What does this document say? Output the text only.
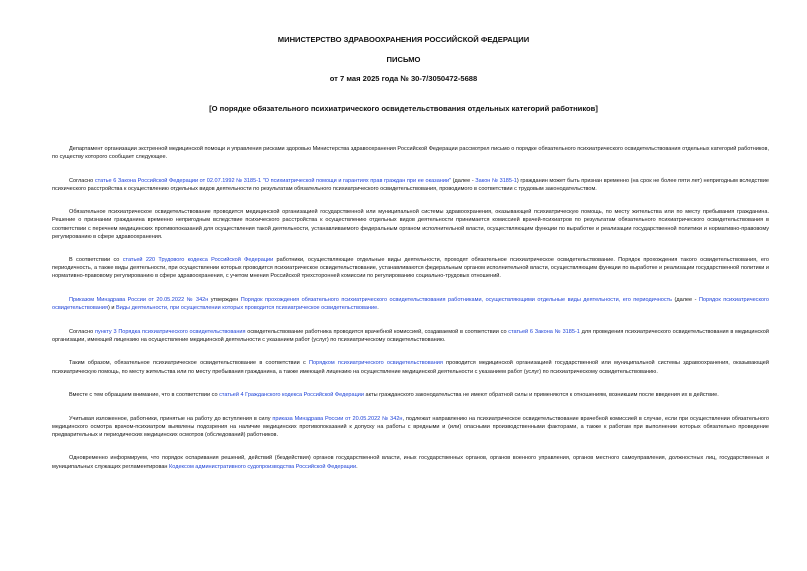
МИНИСТЕРСТВО ЗДРАВООХРАНЕНИЯ РОССИЙСКОЙ ФЕДЕРАЦИИ
ПИСЬМО
от 7 мая 2025 года № 30-7/3050472-5688
[О порядке обязательного психиатрического освидетельствования отдельных категорий работников]

Департамент организации экстренной медицинской помощи и управления рисками здоровью Министерства здравоохранения Российской Федерации рассмотрел письмо о порядке обязательного психиатрического освидетельствования отдельных категорий работников, по существу которого сообщает следующее.

Согласно статье 6 Закона Российской Федерации от 02.07.1992 № 3185-1 "О психиатрической помощи и гарантиях прав граждан при ее оказании" (далее - Закон № 3185-1) гражданин может быть признан временно (на срок не более пяти лет) непригодным вследствие психического расстройства к осуществлению отдельных видов деятельности по результатам обязательного психиатрического освидетельствования, проводимого в соответствии с трудовым законодательством.

Обязательное психиатрическое освидетельствование проводится медицинской организацией государственной или муниципальной системы здравоохранения, оказывающей психиатрическую помощь, по месту жительства или по месту пребывания гражданина. Решение о признании гражданина временно непригодным вследствие психического расстройства к осуществлению отдельных видов деятельности принимается комиссией врачей-психиатров по результатам обязательного психиатрического освидетельствования в соответствии с перечнем медицинских противопоказаний для осуществления такой деятельности, устанавливаемого федеральным органом исполнительной власти, осуществляющим функции по выработке и реализации государственной политики и нормативно-правовому регулированию в сфере здравоохранения.

В соответствии со статьей 220 Трудового кодекса Российской Федерации работники, осуществляющие отдельные виды деятельности, проходят обязательное психиатрическое освидетельствование. Порядок прохождения такого освидетельствования, его периодичность, а также виды деятельности, при осуществлении которых проводится психиатрическое освидетельствование, устанавливаются федеральным органом исполнительной власти, осуществляющим функции по выработке и реализации государственной политики и нормативно-правовому регулированию в сфере здравоохранения, с учетом мнения Российской трехсторонней комиссии по регулированию социально-трудовых отношений.

Приказом Минздрава России от 20.05.2022 № 342н утвержден Порядок прохождения обязательного психиатрического освидетельствования работниками, осуществляющими отдельные виды деятельности, его периодичность (далее - Порядок психиатрического освидетельствования) и Виды деятельности, при осуществлении которых проводится психиатрическое освидетельствование.

Согласно пункту 3 Порядка психиатрического освидетельствования освидетельствование работника проводится врачебной комиссией, создаваемой в соответствии со статьей 6 Закона № 3185-1 для проведения психиатрического освидетельствования в медицинской организации, имеющей лицензию на осуществление медицинской деятельности с указанием работ (услуг) по психиатрическому освидетельствованию.

Таким образом, обязательное психиатрическое освидетельствование в соответствии с Порядком психиатрического освидетельствования проводится медицинской организацией государственной или муниципальной системы здравоохранения, оказывающей психиатрическую помощь, по месту жительства или по месту пребывания гражданина, а также имеющей лицензию на осуществление медицинской деятельности с указанием работ (услуг) по психиатрическому освидетельствованию.

Вместе с тем обращаем внимание, что в соответствии со статьей 4 Гражданского кодекса Российской Федерации акты гражданского законодательства не имеют обратной силы и применяются к отношениям, возникшим после введения их в действие.

Учитывая изложенное, работники, принятые на работу до вступления в силу приказа Минздрава России от 20.05.2022 № 342н, подлежат направлению на психиатрическое освидетельствование врачебной комиссией в случае, если при осуществлении обязательного медицинского осмотра врачом-психиатром выявлены подозрения на наличие медицинских противопоказаний к допуску на работы с вредными и (или) опасными производственными факторами, а также к работам при выполнении которых обязательно проведение предварительных и периодических медицинских осмотров (обследований) работников.

Одновременно информируем, что порядок оспаривания решений, действий (бездействия) органов государственной власти, иных государственных органов, органов военного управления, органов местного самоуправления, должностных лиц, государственных и муниципальных служащих регламентирован Кодексом административного судопроизводства Российской Федерации.
